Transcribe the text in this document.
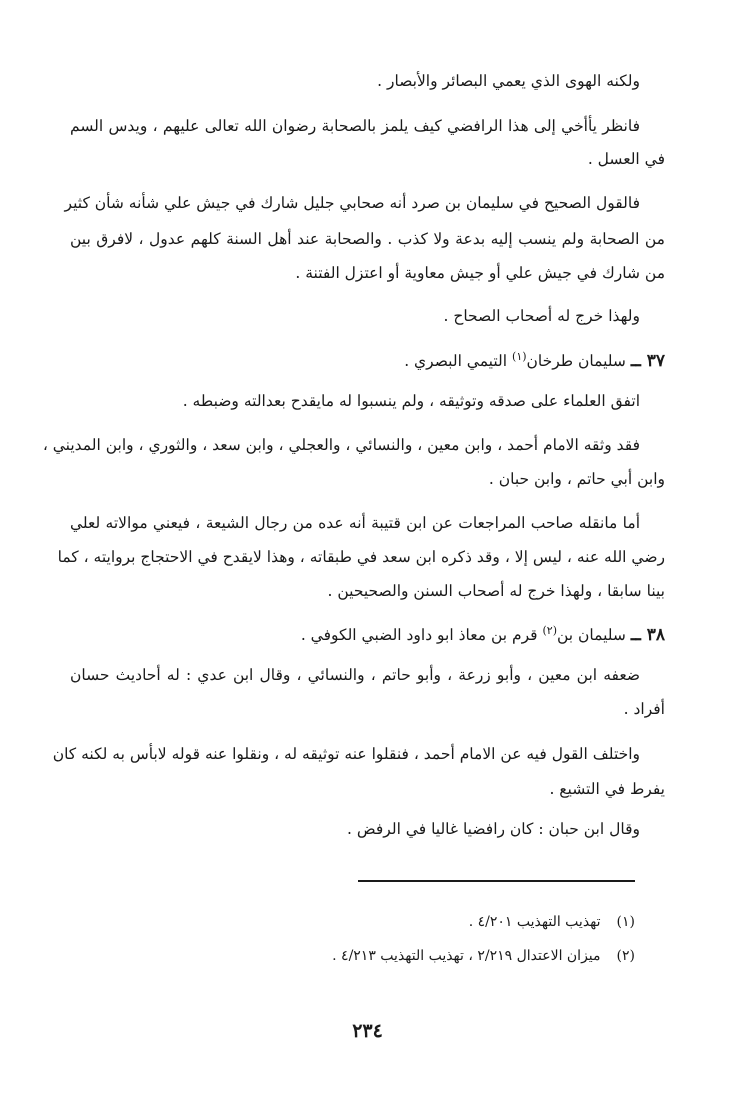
ولكنه الهوى الذي يعمي البصائر والأبصار .
فانظر يأأخي إلى هذا الرافضي كيف يلمز بالصحابة رضوان الله تعالى عليهم ، ويدس السم
في العسل .
فالقول الصحيح في سليمان بن صرد أنه صحابي جليل شارك في جيش علي شأنه شأن كثير
من الصحابة ولم ينسب إليه بدعة ولا كذب . والصحابة عند أهل السنة كلهم عدول ، لافرق بين
من شارك في جيش علي أو جيش معاوية أو اعتزل الفتنة .
ولهذا خرج له أصحاب الصحاح .
٣٧ ــ سليمان طرخان$^{(١)}$ التيمي البصري .
اتفق العلماء على صدقه وتوثيقه ، ولم ينسبوا له مايقدح بعدالته وضبطه .
فقد وثقه الامام أحمد ، وابن معين ، والنسائي ، والعجلي ، وابن سعد ، والثوري ، وابن المديني ،
وابن أبي حاتم ، وابن حبان .
أما مانقله صاحب المراجعات عن ابن قتيبة أنه عده من رجال الشيعة ، فيعني موالاته لعلي
رضي الله عنه ، ليس إلا ، وقد ذكره ابن سعد في طبقاته ، وهذا لايقدح في الاحتجاج بروايته ، كما
بينا سابقا ، ولهذا خرج له أصحاب السنن والصحيحين .
٣٨ ــ سليمان بن$^{(٢)}$ قرم بن معاذ ابو داود الضبي الكوفي .
ضعفه ابن معين ، وأبو زرعة ، وأبو حاتم ، والنسائي ، وقال ابن عدي : له أحاديث حسان
أفراد .
واختلف القول فيه عن الامام أحمد ، فنقلوا عنه توثيقه له ، ونقلوا عنه قوله لابأس به لكنه كان
يفرط في التشيع .
وقال ابن حبان : كان رافضيا غاليا في الرفض .
(١)تهذيب التهذيب ٤/٢٠١ .
(٢)ميزان الاعتدال ٢/٢١٩ ، تهذيب التهذيب ٤/٢١٣ .
٢٣٤
